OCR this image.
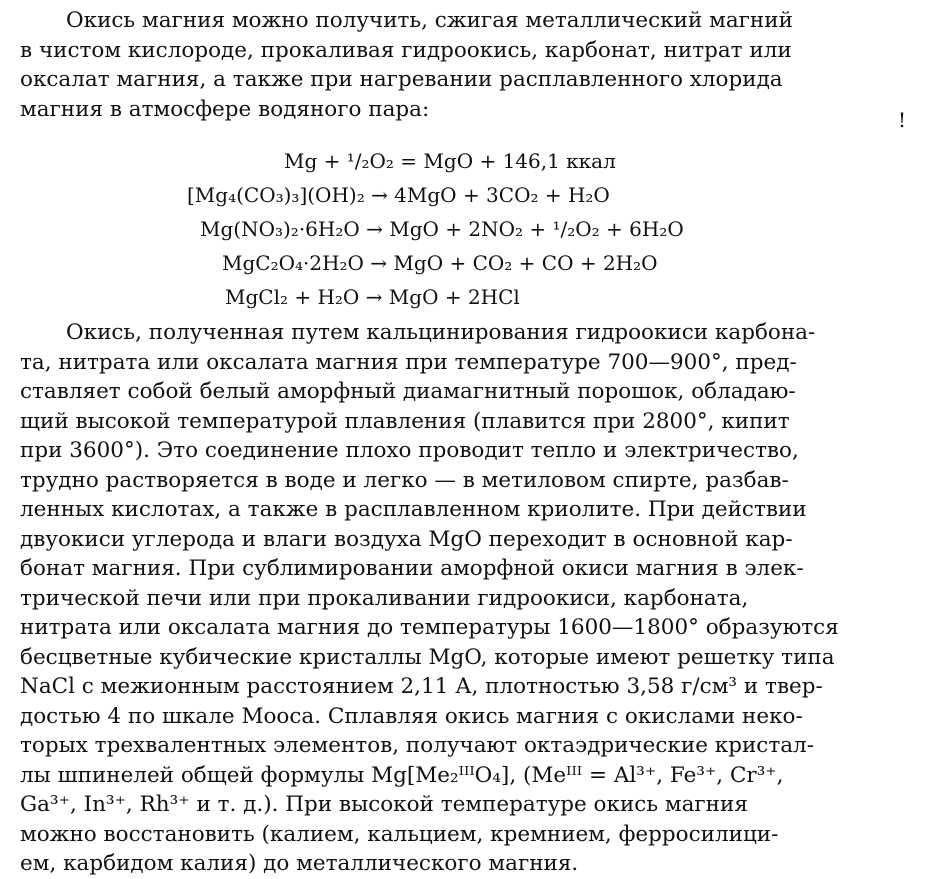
Окись магния можно получить, сжигая металлический магний
в чистом кислороде, прокаливая гидроокись, карбонат, нитрат или
оксалат магния, а также при нагревании расплавленного хлорида
магния в атмосфере водяного пара:	!
Mg + ¹/₂O₂ = MgO + 146,1 ккал
[Mg₄(CO₃)₃](OH)₂ → 4MgO + 3CO₂ + H₂O
Mg(NO₃)₂·6H₂O → MgO + 2NO₂ + ¹/₂O₂ + 6H₂O
MgC₂O₄·2H₂O → MgO + CO₂ + CO + 2H₂O
MgCl₂ + H₂O → MgO + 2HCl
Окись, полученная путем кальцинирования гидроокиси карбона-
та, нитрата или оксалата магния при температуре 700—900°, пред-
ставляет собой белый аморфный диамагнитный порошок, обладаю-
щий высокой температурой плавления (плавится при 2800°, кипит
при 3600°). Это соединение плохо проводит тепло и электричество,
трудно растворяется в воде и легко — в метиловом спирте, разбав-
ленных кислотах, а также в расплавленном криолите. При действии
двуокиси углерода и влаги воздуха MgO переходит в основной кар-
бонат магния. При сублимировании аморфной окиси магния в элек-
трической печи или при прокаливании гидроокиси, карбоната,
нитрата или оксалата магния до температуры 1600—1800° образуются
бесцветные кубические кристаллы MgO, которые имеют решетку типа
NaCl с межионным расстоянием 2,11 А, плотностью 3,58 г/см³ и твер-
достью 4 по шкале Мооса. Сплавляя окись магния с окислами неко-
торых трехвалентных элементов, получают октаэдрические кристал-
лы шпинелей общей формулы Mg[Me₂ᴵᴵᴵO₄], (Meᴵᴵᴵ = Al³⁺, Fe³⁺, Cr³⁺,
Ga³⁺, In³⁺, Rh³⁺ и т. д.). При высокой температуре окись магния
можно восстановить (калием, кальцием, кремнием, ферросилици-
ем, карбидом калия) до металлического магния.
